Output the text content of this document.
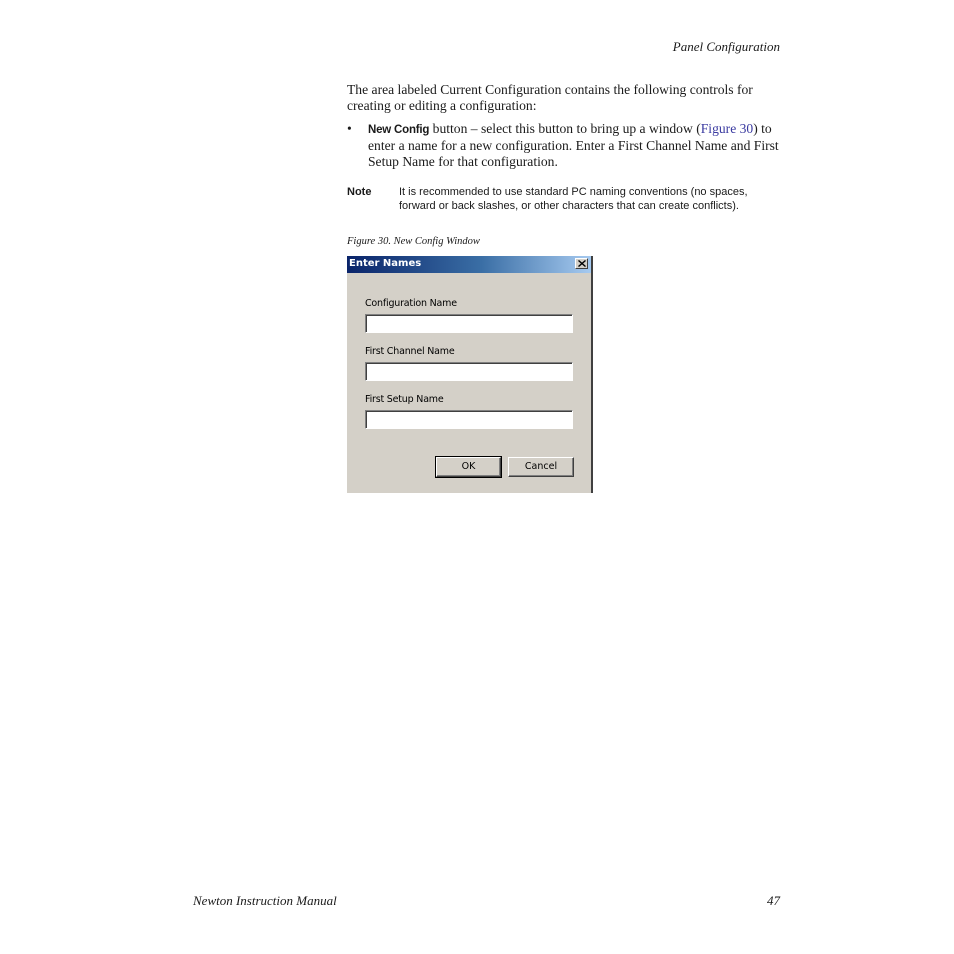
Panel Configuration
The area labeled Current Configuration contains the following controls for creating or editing a configuration:
• New Config button – select this button to bring up a window (Figure 30) to enter a name for a new configuration. Enter a First Channel Name and First Setup Name for that configuration.
Note	It is recommended to use standard PC naming conventions (no spaces, forward or back slashes, or other characters that can create conflicts).
Figure 30. New Config Window
Enter Names
Configuration Name
First Channel Name
First Setup Name
OK	Cancel
Newton Instruction Manual	47
